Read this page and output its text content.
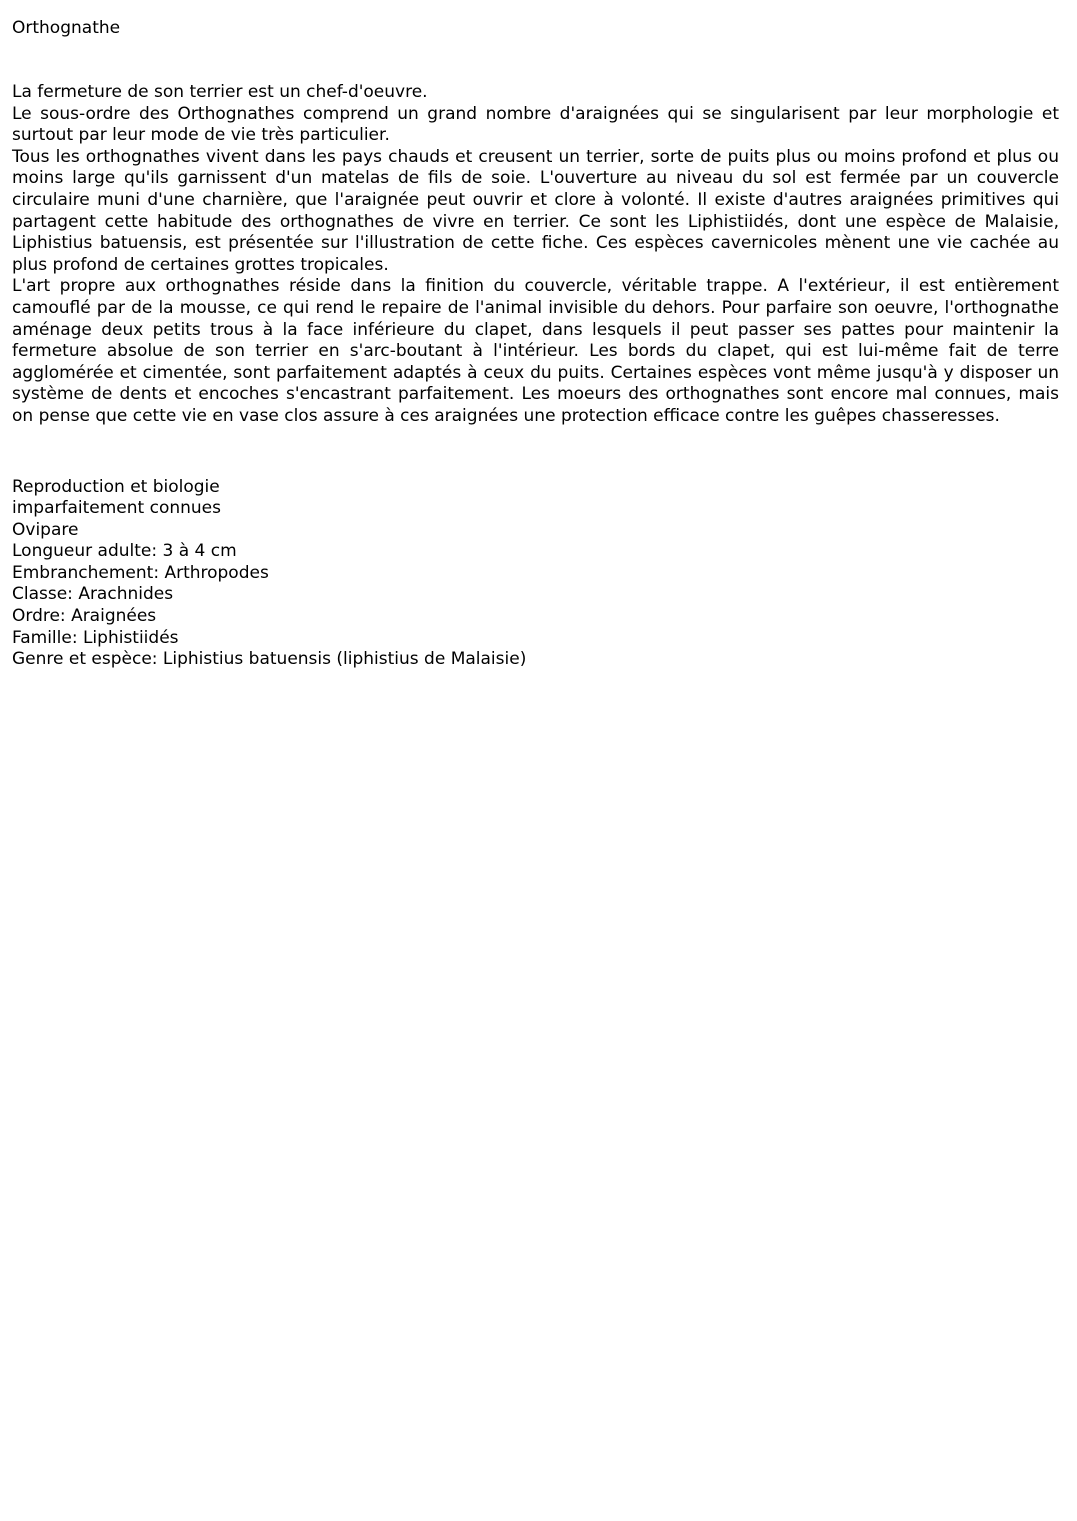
Orthognathe

La fermeture de son terrier est un chef-d'oeuvre.

Le sous-ordre des Orthognathes comprend un grand nombre d'araignées qui se singularisent par leur morphologie et surtout par leur mode de vie très particulier.

Tous les orthognathes vivent dans les pays chauds et creusent un terrier, sorte de puits plus ou moins profond et plus ou moins large qu'ils garnissent d'un matelas de fils de soie. L'ouverture au niveau du sol est fermée par un couvercle circulaire muni d'une charnière, que l'araignée peut ouvrir et clore à volonté. Il existe d'autres araignées primitives qui partagent cette habitude des orthognathes de vivre en terrier. Ce sont les Liphistiidés, dont une espèce de Malaisie, Liphistius batuensis, est présentée sur l'illustration de cette fiche. Ces espèces cavernicoles mènent une vie cachée au plus profond de certaines grottes tropicales.

L'art propre aux orthognathes réside dans la finition du couvercle, véritable trappe. A l'extérieur, il est entièrement camouflé par de la mousse, ce qui rend le repaire de l'animal invisible du dehors. Pour parfaire son oeuvre, l'orthognathe aménage deux petits trous à la face inférieure du clapet, dans lesquels il peut passer ses pattes pour maintenir la fermeture absolue de son terrier en s'arc-boutant à l'intérieur. Les bords du clapet, qui est lui-même fait de terre agglomérée et cimentée, sont parfaitement adaptés à ceux du puits. Certaines espèces vont même jusqu'à y disposer un système de dents et encoches s'encastrant parfaitement. Les moeurs des orthognathes sont encore mal connues, mais on pense que cette vie en vase clos assure à ces araignées une protection efficace contre les guêpes chasseresses.

Reproduction et biologie
imparfaitement connues
Ovipare
Longueur adulte: 3 à 4 cm
Embranchement: Arthropodes
Classe: Arachnides
Ordre: Araignées
Famille: Liphistiidés
Genre et espèce: Liphistius batuensis (liphistius de Malaisie)
